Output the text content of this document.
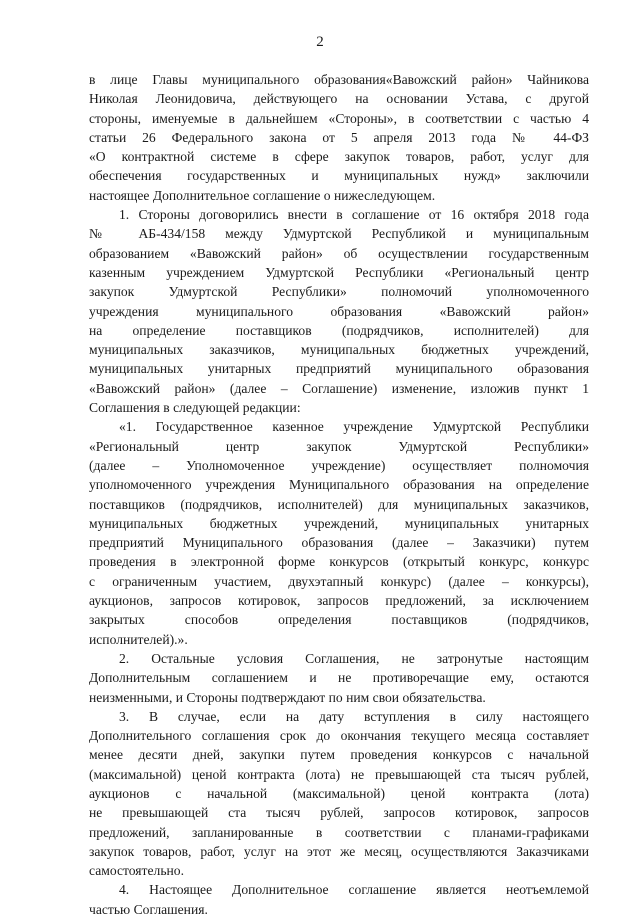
2
в лице Главы муниципального образования«Вавожский район» Чайникова
Николая Леонидовича, действующего на основании Устава, с другой
стороны, именуемые в дальнейшем «Стороны», в соответствии с частью 4
статьи 26 Федерального закона от 5 апреля 2013 года № 44-ФЗ
«О контрактной системе в сфере закупок товаров, работ, услуг для
обеспечения государственных и муниципальных нужд» заключили
настоящее Дополнительное соглашение о нижеследующем.
1. Стороны договорились внести в соглашение от 16 октября 2018 года
№ АБ-434/158 между Удмуртской Республикой и муниципальным
образованием «Вавожский район» об осуществлении государственным
казенным учреждением Удмуртской Республики «Региональный центр
закупок Удмуртской Республики» полномочий уполномоченного
учреждения муниципального образования «Вавожский район»
на определение поставщиков (подрядчиков, исполнителей) для
муниципальных заказчиков, муниципальных бюджетных учреждений,
муниципальных унитарных предприятий муниципального образования
«Вавожский район» (далее – Соглашение) изменение, изложив пункт 1
Соглашения в следующей редакции:
«1. Государственное казенное учреждение Удмуртской Республики
«Региональный центр закупок Удмуртской Республики»
(далее – Уполномоченное учреждение) осуществляет полномочия
уполномоченного учреждения Муниципального образования на определение
поставщиков (подрядчиков, исполнителей) для муниципальных заказчиков,
муниципальных бюджетных учреждений, муниципальных унитарных
предприятий Муниципального образования (далее – Заказчики) путем
проведения в электронной форме конкурсов (открытый конкурс, конкурс
с ограниченным участием, двухэтапный конкурс) (далее – конкурсы),
аукционов, запросов котировок, запросов предложений, за исключением
закрытых способов определения поставщиков (подрядчиков,
исполнителей).».
2. Остальные условия Соглашения, не затронутые настоящим
Дополнительным соглашением и не противоречащие ему, остаются
неизменными, и Стороны подтверждают по ним свои обязательства.
3. В случае, если на дату вступления в силу настоящего
Дополнительного соглашения срок до окончания текущего месяца составляет
менее десяти дней, закупки путем проведения конкурсов с начальной
(максимальной) ценой контракта (лота) не превышающей ста тысяч рублей,
аукционов с начальной (максимальной) ценой контракта (лота)
не превышающей ста тысяч рублей, запросов котировок, запросов
предложений, запланированные в соответствии с планами-графиками
закупок товаров, работ, услуг на этот же месяц, осуществляются Заказчиками
самостоятельно.
4. Настоящее Дополнительное соглашение является неотъемлемой
частью Соглашения.
